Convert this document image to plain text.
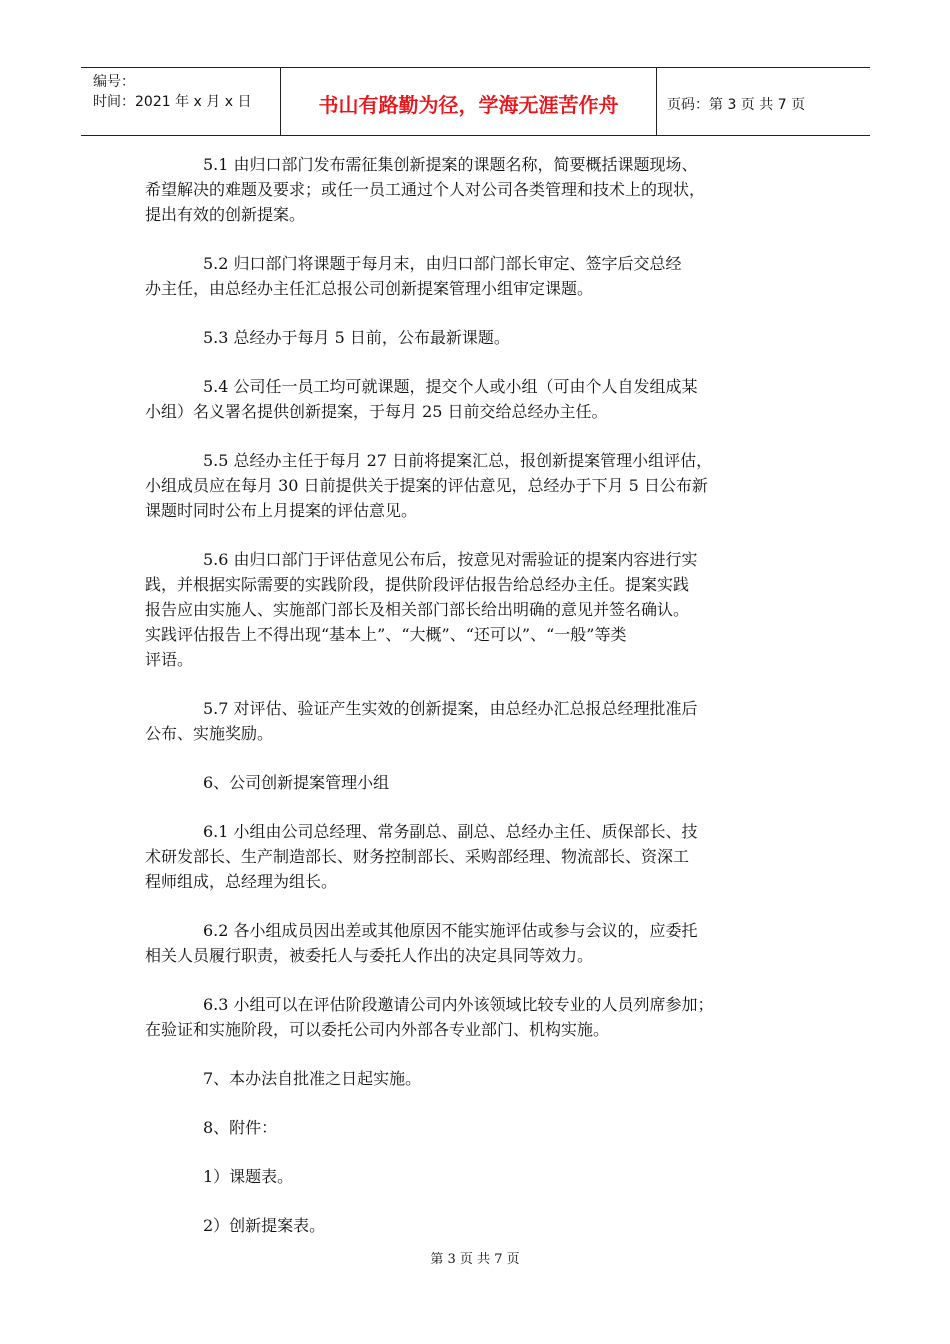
编号：
时间：2021 年 x 月 x 日	书山有路勤为径，学海无涯苦作舟	页码：第 3 页 共 7 页
5.1 由归口部门发布需征集创新提案的课题名称，简要概括课题现场、
希望解决的难题及要求；或任一员工通过个人对公司各类管理和技术上的现状，
提出有效的创新提案。
5.2 归口部门将课题于每月末，由归口部门部长审定、签字后交总经
办主任，由总经办主任汇总报公司创新提案管理小组审定课题。
5.3 总经办于每月 5 日前，公布最新课题。
5.4 公司任一员工均可就课题，提交个人或小组（可由个人自发组成某
小组）名义署名提供创新提案，于每月 25 日前交给总经办主任。
5.5 总经办主任于每月 27 日前将提案汇总，报创新提案管理小组评估，
小组成员应在每月 30 日前提供关于提案的评估意见，总经办于下月 5 日公布新
课题时同时公布上月提案的评估意见。
5.6 由归口部门于评估意见公布后，按意见对需验证的提案内容进行实
践，并根据实际需要的实践阶段，提供阶段评估报告给总经办主任。提案实践
报告应由实施人、实施部门部长及相关部门部长给出明确的意见并签名确认。
实践评估报告上不得出现“基本上”、“大概”、“还可以”、“一般”等类
评语。
5.7 对评估、验证产生实效的创新提案，由总经办汇总报总经理批准后
公布、实施奖励。
6、公司创新提案管理小组
6.1 小组由公司总经理、常务副总、副总、总经办主任、质保部长、技
术研发部长、生产制造部长、财务控制部长、采购部经理、物流部长、资深工
程师组成，总经理为组长。
6.2 各小组成员因出差或其他原因不能实施评估或参与会议的，应委托
相关人员履行职责，被委托人与委托人作出的决定具同等效力。
6.3 小组可以在评估阶段邀请公司内外该领域比较专业的人员列席参加；
在验证和实施阶段，可以委托公司内外部各专业部门、机构实施。
7、本办法自批准之日起实施。
8、附件：
1）课题表。
2）创新提案表。
第 3 页 共 7 页
